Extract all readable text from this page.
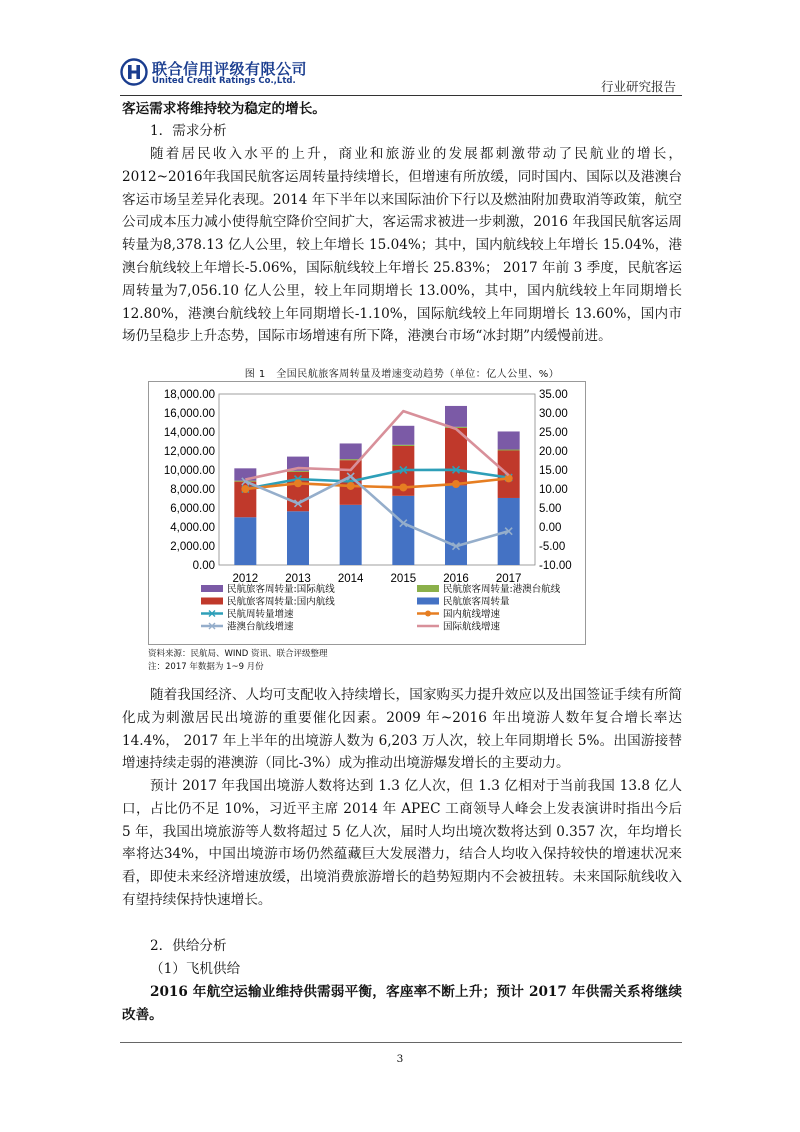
联合信用评级有限公司
United Credit Ratings Co.,Ltd.	行业研究报告
客运需求将维持较为稳定的增长。
1．需求分析
随着居民收入水平的上升，商业和旅游业的发展都刺激带动了民航业的增长，2012~2016年我国民航客运周转量持续增长，但增速有所放缓，同时国内、国际以及港澳台客运市场呈差异化表现。2014 年下半年以来国际油价下行以及燃油附加费取消等政策，航空公司成本压力减小使得航空降价空间扩大，客运需求被进一步刺激，2016 年我国民航客运周转量为8,378.13 亿人公里，较上年增长 15.04%；其中，国内航线较上年增长 15.04%，港澳台航线较上年增长-5.06%，国际航线较上年增长 25.83%； 2017 年前 3 季度，民航客运周转量为7,056.10 亿人公里，较上年同期增长 13.00%，其中，国内航线较上年同期增长 12.80%，港澳台航线较上年同期增长-1.10%，国际航线较上年同期增长 13.60%，国内市场仍呈稳步上升态势，国际市场增速有所下降，港澳台市场“冰封期”内缓慢前进。
图 1　全国民航旅客周转量及增速变动趋势（单位：亿人公里、%）
0.00
2,000.00
4,000.00
6,000.00
8,000.00
10,000.00
12,000.00
14,000.00
16,000.00
18,000.00
-10.00
-5.00
0.00
5.00
10.00
15.00
20.00
25.00
30.00
35.00
2012 2013 2014 2015 2016 2017
民航旅客周转量:国际航线	民航旅客周转量:港澳台航线
民航旅客周转量:国内航线	民航旅客周转量
民航周转量增速	国内航线增速
港澳台航线增速	国际航线增速
资料来源：民航局、WIND 资讯、联合评级整理
注：2017 年数据为 1~9 月份
随着我国经济、人均可支配收入持续增长，国家购买力提升效应以及出国签证手续有所简化成为刺激居民出境游的重要催化因素。2009 年~2016 年出境游人数年复合增长率达14.4%， 2017 年上半年的出境游人数为 6,203 万人次，较上年同期增长 5%。出国游接替增速持续走弱的港澳游（同比-3%）成为推动出境游爆发增长的主要动力。
预计 2017 年我国出境游人数将达到 1.3 亿人次，但 1.3 亿相对于当前我国 13.8 亿人口，占比仍不足 10%，习近平主席 2014 年 APEC 工商领导人峰会上发表演讲时指出今后 5 年，我国出境旅游等人数将超过 5 亿人次，届时人均出境次数将达到 0.357 次，年均增长率将达34%，中国出境游市场仍然蕴藏巨大发展潜力，结合人均收入保持较快的增速状况来看，即使未来经济增速放缓，出境消费旅游增长的趋势短期内不会被扭转。未来国际航线收入有望持续保持快速增长。
2．供给分析
（1）飞机供给
2016 年航空运输业维持供需弱平衡，客座率不断上升；预计 2017 年供需关系将继续改善。
3
